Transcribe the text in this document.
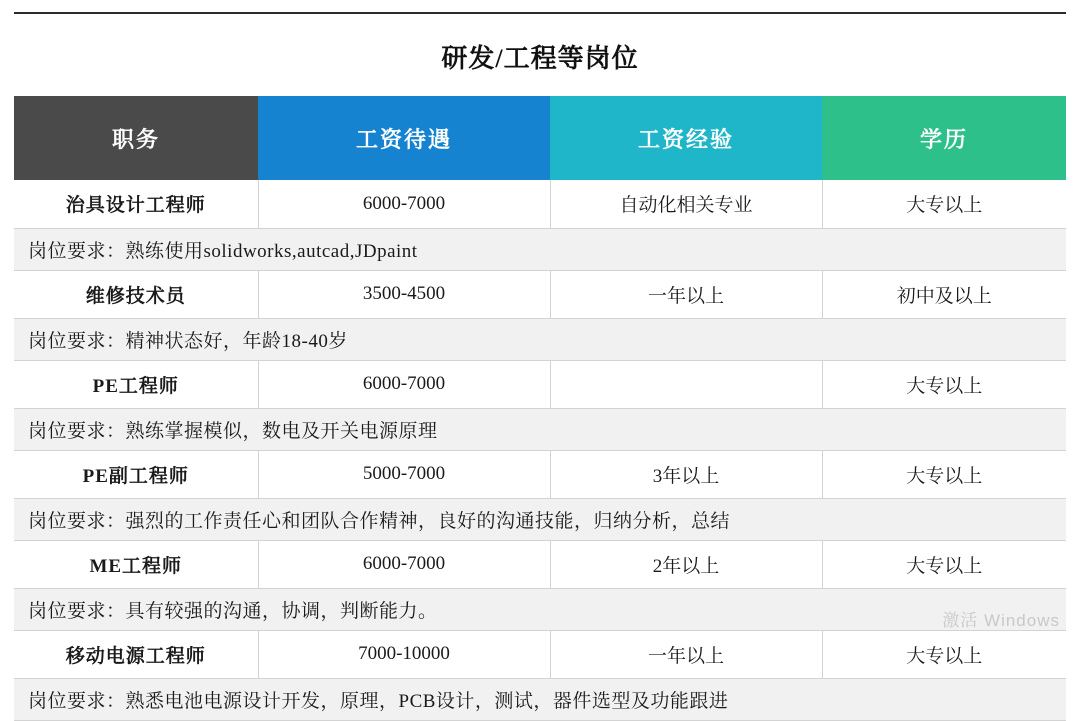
研发/工程等岗位
职务	工资待遇	工资经验	学历
治具设计工程师	6000-7000	自动化相关专业	大专以上
岗位要求：熟练使用solidworks,autcad,JDpaint			
维修技术员	3500-4500	一年以上	初中及以上
岗位要求：精神状态好，年龄18-40岁			
PE工程师	6000-7000		大专以上
岗位要求：熟练掌握模似，数电及开关电源原理			
PE副工程师	5000-7000	3年以上	大专以上
岗位要求：强烈的工作责任心和团队合作精神，良好的沟通技能，归纳分析，总结			
ME工程师	6000-7000	2年以上	大专以上
岗位要求：具有较强的沟通，协调，判断能力。			
移动电源工程师	7000-10000	一年以上	大专以上
岗位要求：熟悉电池电源设计开发，原理，PCB设计，测试，器件选型及功能跟进			
激活 Windows
